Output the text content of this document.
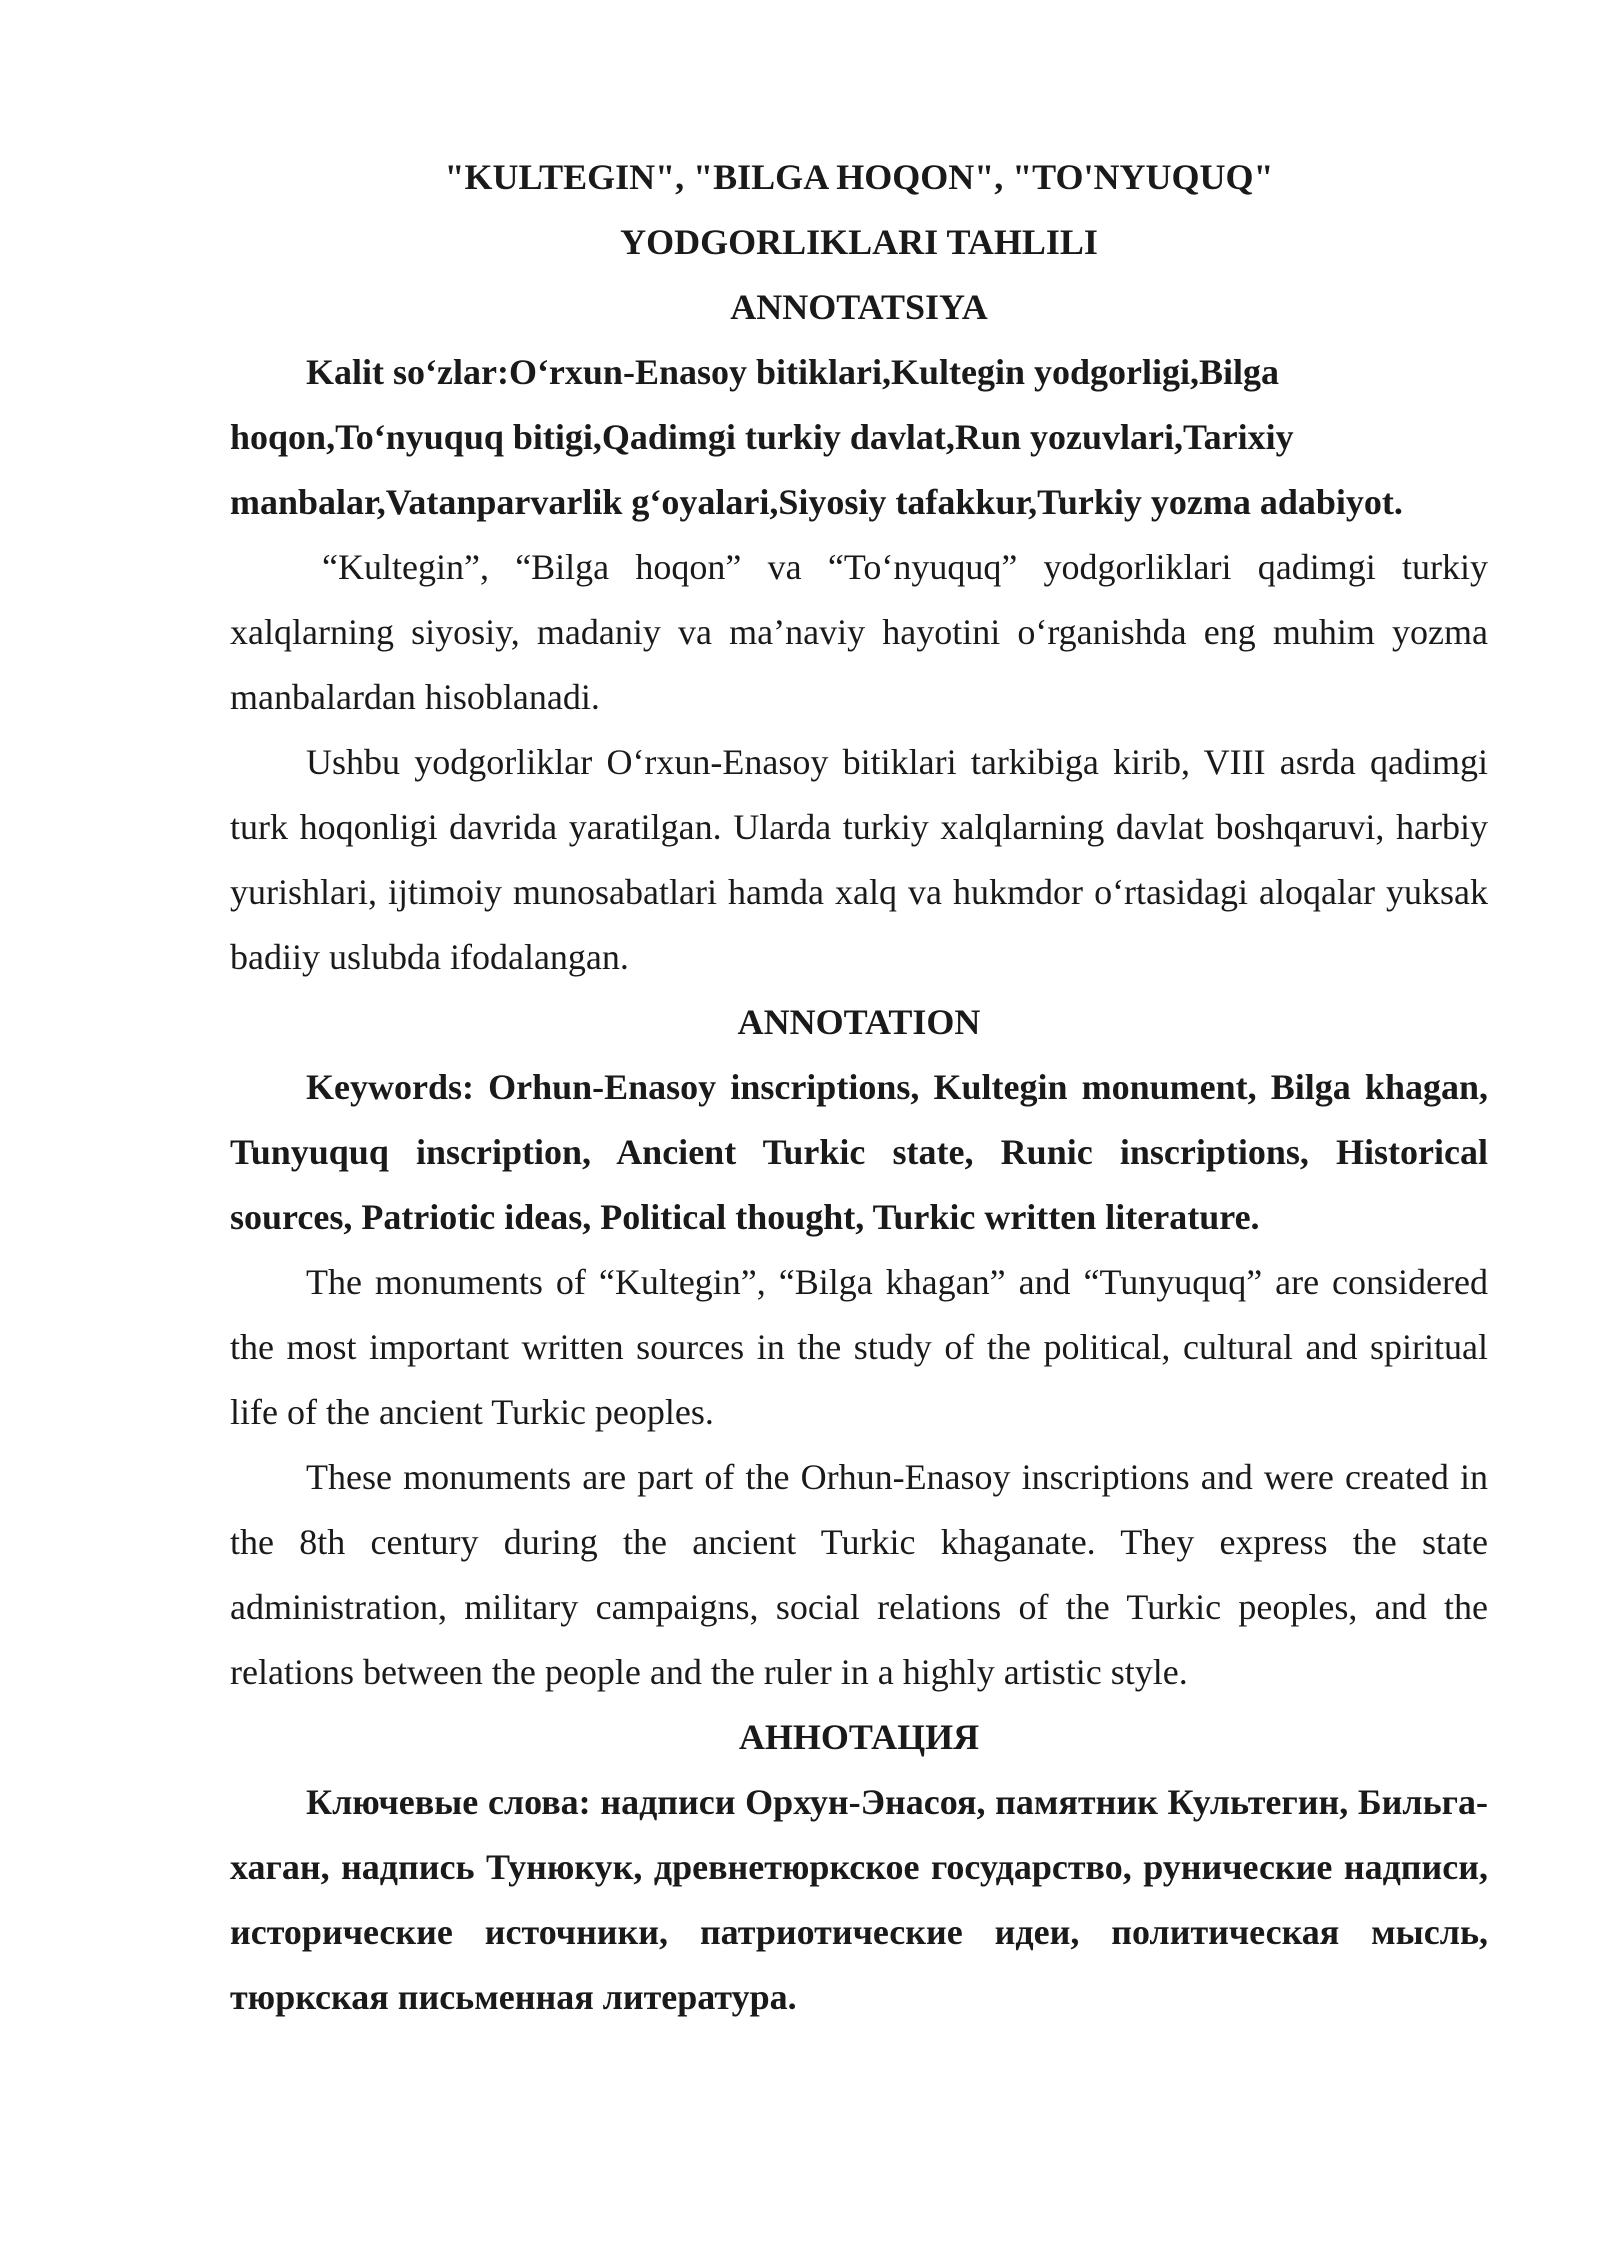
"KULTEGIN", "BILGA HOQON", "TO'NYUQUQ"

YODGORLIKLARI TAHLILI

ANNOTATSIYA

Kalit so‘zlar:O‘rxun-Enasoy bitiklari,Kultegin yodgorligi,Bilga hoqon,To‘nyuquq bitigi,Qadimgi turkiy davlat,Run yozuvlari,Tarixiy manbalar,Vatanparvarlik g‘oyalari,Siyosiy tafakkur,Turkiy yozma adabiyot.

“Kultegin”, “Bilga hoqon” va “To‘nyuquq” yodgorliklari qadimgi turkiy xalqlarning siyosiy, madaniy va ma’naviy hayotini o‘rganishda eng muhim yozma manbalardan hisoblanadi.

Ushbu yodgorliklar O‘rxun-Enasoy bitiklari tarkibiga kirib, VIII asrda qadimgi turk hoqonligi davrida yaratilgan. Ularda turkiy xalqlarning davlat boshqaruvi, harbiy yurishlari, ijtimoiy munosabatlari hamda xalq va hukmdor o‘rtasidagi aloqalar yuksak badiiy uslubda ifodalangan.

ANNOTATION

Keywords: Orhun-Enasoy inscriptions, Kultegin monument, Bilga khagan, Tunyuquq inscription, Ancient Turkic state, Runic inscriptions, Historical sources, Patriotic ideas, Political thought, Turkic written literature.

The monuments of “Kultegin”, “Bilga khagan” and “Tunyuquq” are considered the most important written sources in the study of the political, cultural and spiritual life of the ancient Turkic peoples.

These monuments are part of the Orhun-Enasoy inscriptions and were created in the 8th century during the ancient Turkic khaganate. They express the state administration, military campaigns, social relations of the Turkic peoples, and the relations between the people and the ruler in a highly artistic style.

АННОТАЦИЯ

Ключевые слова: надписи Орхун-Энасоя, памятник Культегин, Бильга-хаган, надпись Тунюкук, древнетюркское государство, рунические надписи, исторические источники, патриотические идеи, политическая мысль, тюркская письменная литература.
